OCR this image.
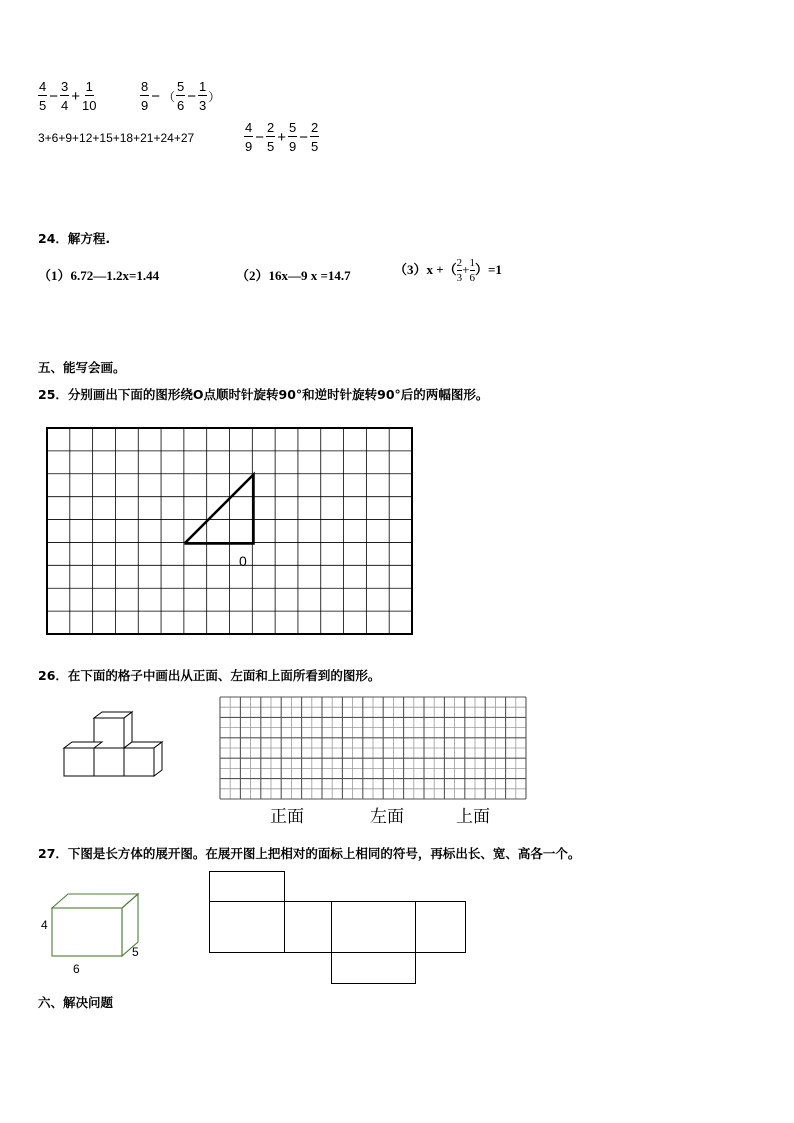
$\frac{4}{5} - \frac{3}{4} + \frac{1}{10}$	$\frac{8}{9}$ − （ $\frac{5}{6} - \frac{1}{3}$ ）
3+6+9+12+15+18+21+24+27	$\frac{4}{9} - \frac{2}{5} + \frac{5}{9} - \frac{2}{5}$
24．解方程.
（1）6.72—1.2x=1.44	（2）16x—9 x =14.7	（3）x +（ $\frac{2}{3} + \frac{1}{6} )=1$
五、能写会画。
25．分别画出下面的图形绕O点顺时针旋转90°和逆时针旋转90°后的两幅图形。
0
26．在下面的格子中画出从正面、左面和上面所看到的图形。
正面	左面	上面
27．下图是长方体的展开图。在展开图上把相对的面标上相同的符号，再标出长、宽、高各一个。
4
6
5
六、解决问题
